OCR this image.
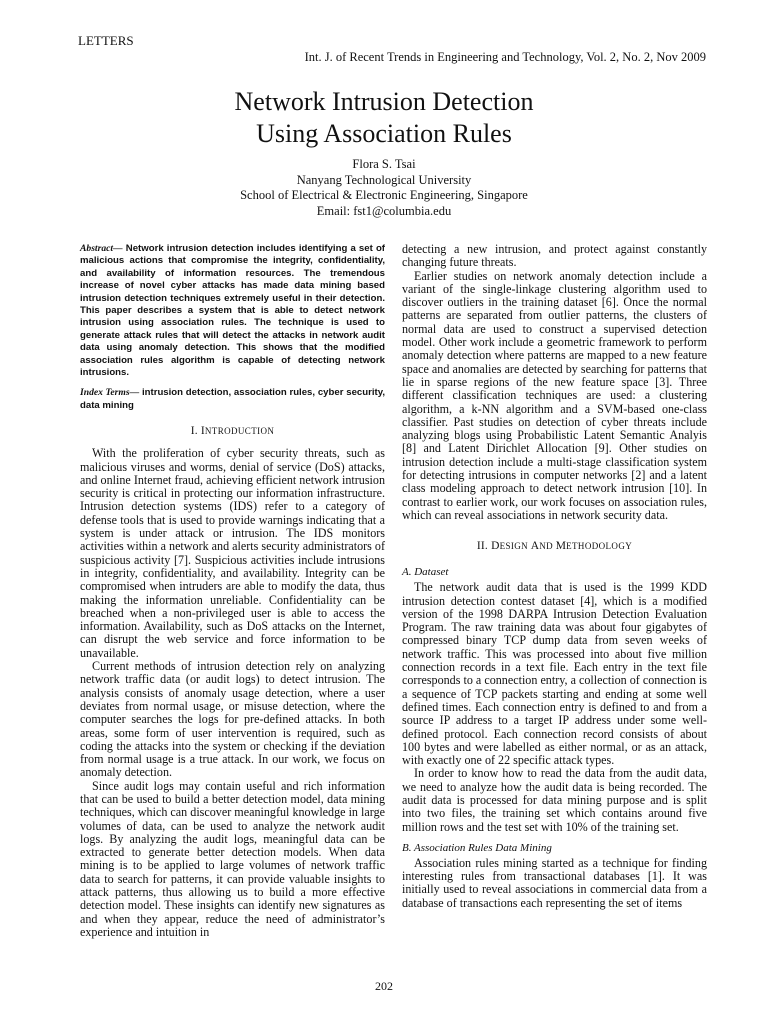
LETTERS
Int. J. of Recent Trends in Engineering and Technology, Vol. 2, No. 2, Nov 2009
Network Intrusion Detection
Using Association Rules
Flora S. Tsai
Nanyang Technological University
School of Electrical & Electronic Engineering, Singapore
Email: fst1@columbia.edu

Abstract— Network intrusion detection includes identifying a set of malicious actions that compromise the integrity, confidentiality, and availability of information resources. The tremendous increase of novel cyber attacks has made data mining based intrusion detection techniques extremely useful in their detection. This paper describes a system that is able to detect network intrusion using association rules. The technique is used to generate attack rules that will detect the attacks in network audit data using anomaly detection. This shows that the modified association rules algorithm is capable of detecting network intrusions.

Index Terms— intrusion detection, association rules, cyber security, data mining

I. INTRODUCTION

With the proliferation of cyber security threats, such as malicious viruses and worms, denial of service (DoS) attacks, and online Internet fraud, achieving efficient network intrusion security is critical in protecting our information infrastructure. Intrusion detection systems (IDS) refer to a category of defense tools that is used to provide warnings indicating that a system is under attack or intrusion. The IDS monitors activities within a network and alerts security administrators of suspicious activity [7]. Suspicious activities include intrusions in integrity, confidentiality, and availability. Integrity can be compromised when intruders are able to modify the data, thus making the information unreliable. Confidentiality can be breached when a non-privileged user is able to access the information. Availability, such as DoS attacks on the Internet, can disrupt the web service and force information to be unavailable.

Current methods of intrusion detection rely on analyzing network traffic data (or audit logs) to detect intrusion. The analysis consists of anomaly usage detection, where a user deviates from normal usage, or misuse detection, where the computer searches the logs for pre-defined attacks. In both areas, some form of user intervention is required, such as coding the attacks into the system or checking if the deviation from normal usage is a true attack. In our work, we focus on anomaly detection.

Since audit logs may contain useful and rich information that can be used to build a better detection model, data mining techniques, which can discover meaningful knowledge in large volumes of data, can be used to analyze the network audit logs. By analyzing the audit logs, meaningful data can be extracted to generate better detection models. When data mining is to be applied to large volumes of network traffic data to search for patterns, it can provide valuable insights to attack patterns, thus allowing us to build a more effective detection model. These insights can identify new signatures as and when they appear, reduce the need of administrator’s experience and intuition in

detecting a new intrusion, and protect against constantly changing future threats.

Earlier studies on network anomaly detection include a variant of the single-linkage clustering algorithm used to discover outliers in the training dataset [6]. Once the normal patterns are separated from outlier patterns, the clusters of normal data are used to construct a supervised detection model. Other work include a geometric framework to perform anomaly detection where patterns are mapped to a new feature space and anomalies are detected by searching for patterns that lie in sparse regions of the new feature space [3]. Three different classification techniques are used: a clustering algorithm, a k-NN algorithm and a SVM-based one-class classifier. Past studies on detection of cyber threats include analyzing blogs using Probabilistic Latent Semantic Analyis [8] and Latent Dirichlet Allocation [9]. Other studies on intrusion detection include a multi-stage classification system for detecting intrusions in computer networks [2] and a latent class modeling approach to detect network intrusion [10]. In contrast to earlier work, our work focuses on association rules, which can reveal associations in network security data.

II. DESIGN AND METHODOLOGY
A. Dataset

The network audit data that is used is the 1999 KDD intrusion detection contest dataset [4], which is a modified version of the 1998 DARPA Intrusion Detection Evaluation Program. The raw training data was about four gigabytes of compressed binary TCP dump data from seven weeks of network traffic. This was processed into about five million connection records in a text file. Each entry in the text file corresponds to a connection entry, a collection of connection is a sequence of TCP packets starting and ending at some well defined times. Each connection entry is defined to and from a source IP address to a target IP address under some well-defined protocol. Each connection record consists of about 100 bytes and were labelled as either normal, or as an attack, with exactly one of 22 specific attack types.

In order to know how to read the data from the audit data, we need to analyze how the audit data is being recorded. The audit data is processed for data mining purpose and is split into two files, the training set which contains around five million rows and the test set with 10% of the training set.

B. Association Rules Data Mining

Association rules mining started as a technique for finding interesting rules from transactional databases [1]. It was initially used to reveal associations in commercial data from a database of transactions each representing the set of items

202
